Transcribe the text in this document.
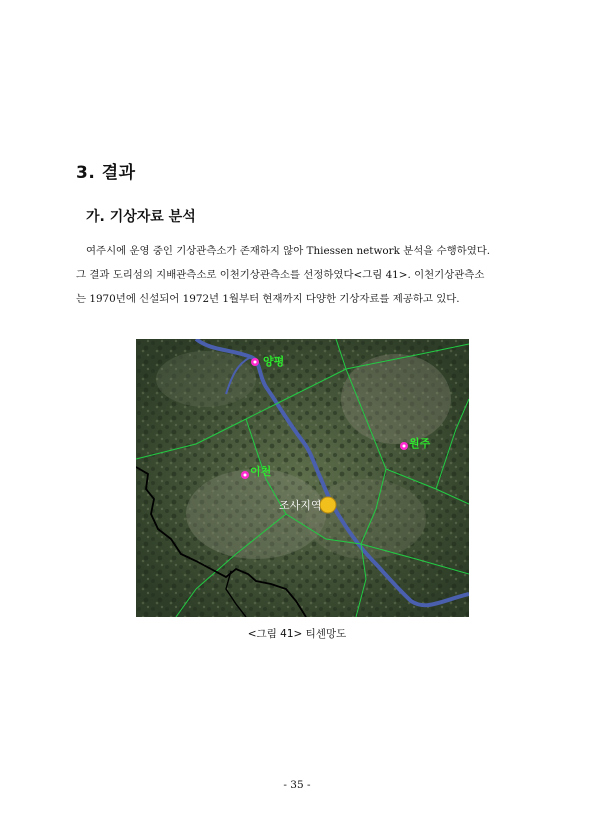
3. 결과
가. 기상자료 분석

여주시에 운영 중인 기상관측소가 존재하지 않아 Thiessen network 분석을 수행하였다.

그 결과 도리섬의 지배관측소로 이천기상관측소를 선정하였다<그림 41>. 이천기상관측소

는 1970년에 신설되어 1972년 1월부터 현재까지 다양한 기상자료를 제공하고 있다.

양평
원주
이천
조사지역
<그림 41> 티센망도
- 35 -
